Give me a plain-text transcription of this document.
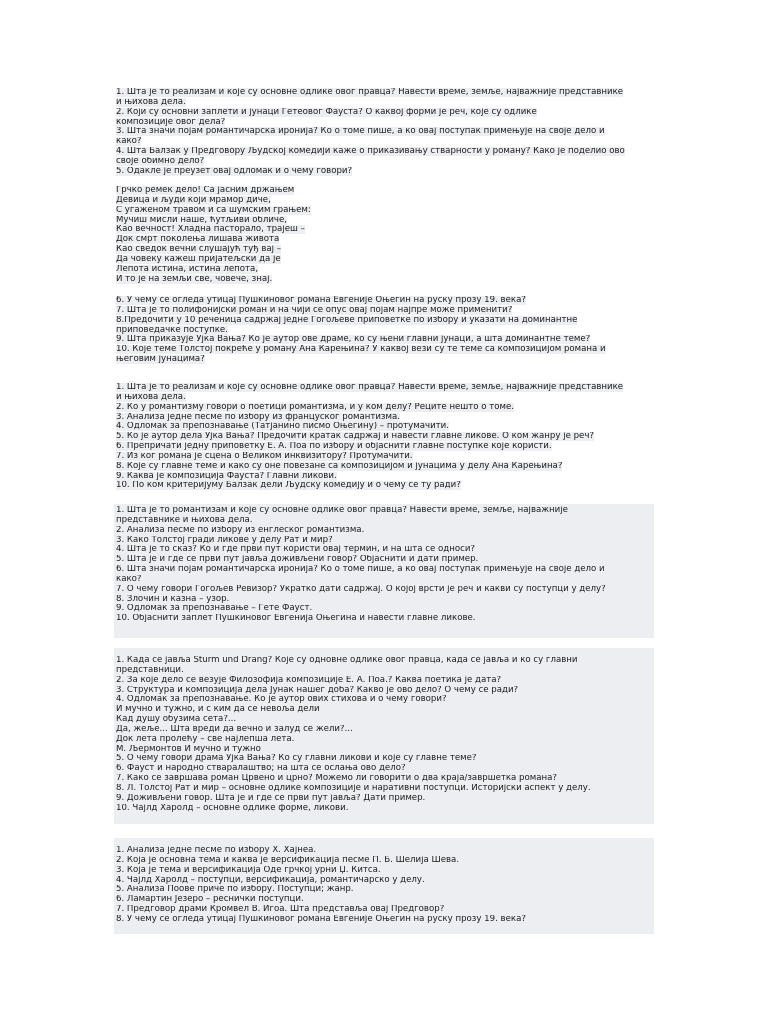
1. Шта је то реализам и које су основне одлике овог правца? Навести време, земље, најважније представнике
и њихова дела.
2. Који су основни заплети и јунаци Гетеовог Фауста? О каквој форми је реч, које су одлике
композиције овог дела?
3. Шта значи појам романтичарска иронија? Ко о томе пише, а ко овај поступак примењује на своје дело и
како?
4. Шта Балзак у Предговору Људској комедији каже о приказивању стварности у роману? Како је поделио ово
своје обимно дело?
5. Одакле је преузет овај одломак и о чему говори?
Грчко ремек дело! Са јасним држањем
Девица и људи који мрамор диче,
С угаженом травом и са шумским грањем:
Мучиш мисли наше, ћутљиви обличе,
Као вечност! Хладна пасторало, трајеш –
Док смрт поколења лишава живота
Као сведок вечни слушајућ туђ вај –
Да човеку кажеш пријатељски да је
Лепота истина, истина лепота,
И то је на земљи све, човече, знај.
6. У чему се огледа утицај Пушкиновог романа Евгеније Оњегин на руску прозу 19. века?
7. Шта је то полифонијски роман и на чији се опус овај појам најпре може применити?
8.Предочити у 10 реченица садржај једне Гогољеве приповетке по избору и указати на доминантне
приповедачке поступке.
9. Шта приказује Ујка Вања? Ко је аутор ове драме, ко су њени главни јунаци, а шта доминантне теме?
10. Које теме Толстој покреће у роману Ана Карењина? У каквој вези су те теме са композицијом романа и
његовим јунацима?
1. Шта је то реализам и које су основне одлике овог правца? Навести време, земље, најважније представнике
и њихова дела.
2. Ко у романтизму говори о поетици романтизма, и у ком делу? Реците нешто о томе.
3. Анализа једне песме по избору из француског романтизма.
4. Одломак за препознавање (Татјанино писмо Оњегину) – протумачити.
5. Ко је аутор дела Ујка Вања? Предочити кратак садржај и навести главне ликове. О ком жанру је реч?
6. Препричати једну приповетку Е. А. Поа по избору и објаснити главне поступке које користи.
7. Из ког романа је сцена о Великом инквизитору? Протумачити.
8. Које су главне теме и како су оне повезане са композицијом и јунацима у делу Ана Карењина?
9. Каква је композиција Фауста? Главни ликови.
10. По ком критеријуму Балзак дели Људску комедију и о чему се ту ради?
1. Шта је то романтизам и које су основне одлике овог правца? Навести време, земље, најважније
представнике и њихова дела.
2. Анализа песме по избору из енглеског романтизма.
3. Како Толстој гради ликове у делу Рат и мир?
4. Шта је то сказ? Ко и где први пут користи овај термин, и на шта се односи?
5. Шта је и где се први пут јавља доживљени говор? Објаснити и дати пример.
6. Шта значи појам романтичарска иронија? Ко о томе пише, а ко овај поступак примењује на своје дело и
како?
7. О чему говори Гогољев Ревизор? Укратко дати садржај. О којој врсти је реч и какви су поступци у делу?
8. Злочин и казна – узор.
9. Одломак за препознавање – Гете Фауст.
10. Објаснити заплет Пушкиновог Евгенија Оњегина и навести главне ликове.
1. Када се јавља Sturm und Drang? Које су одновне одлике овог правца, када се јавља и ко су главни
представници.
2. За које дело се везује Филозофија композиције Е. А. Поа.? Каква поетика је дата?
3. Структура и композиција дела Јунак нашег доба? Какво је ово дело? О чему се ради?
4. Одломак за препознавање. Ко је аутор ових стихова и о чему говори?
И мучно и тужно, и с ким да се невоља дели
Кад душу обузима сета?...
Да, жеље... Шта вреди да вечно и залуд се жели?...
Док лета пролећу – све најлепша лета.
М. Љермонтов И мучно и тужно
5. О чему говори драма Ујка Вања? Ко су главни ликови и које су главне теме?
6. Фауст и народно стваралаштво; на шта се ослања ово дело?
7. Како се завршава роман Црвено и црно? Можемо ли говорити о два краја/завршетка романа?
8. Л. Толстој Рат и мир – основне одлике композиције и наративни поступци. Историјски аспект у делу.
9. Доживљени говор. Шта је и где се први пут јавља? Дати пример.
10. Чајлд Харолд – основне одлике форме, ликови.
1. Анализа једне песме по избору Х. Хајнеа.
2. Која је основна тема и каква је версификација песме П. Б. Шелија Шева.
3. Која је тема и версификација Оде грчкој урни Џ. Китса.
4. Чајлд Харолд – поступци, версификација, романтичарско у делу.
5. Анализа Поове приче по избору. Поступци; жанр.
6. Ламартин Језеро – реснички поступци.
7. Предговор драми Кромвел В. Игоа. Шта представља овај Предговор?
8. У чему се огледа утицај Пушкиновог романа Евгеније Оњегин на руску прозу 19. века?
